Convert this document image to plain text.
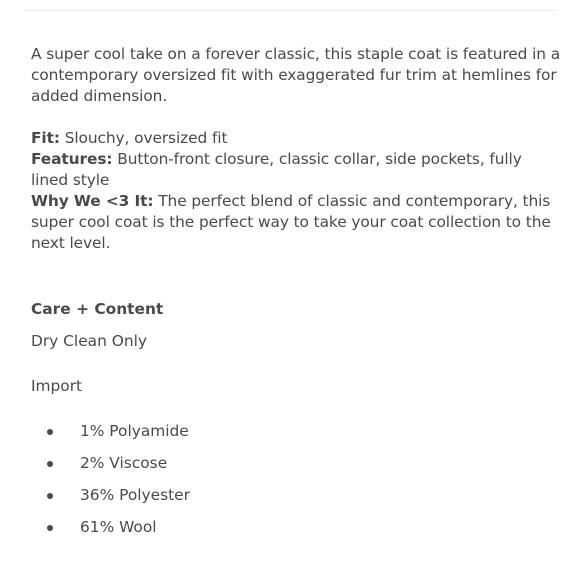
A super cool take on a forever classic, this staple coat is featured in a contemporary oversized fit with exaggerated fur trim at hemlines for added dimension.

Fit: Slouchy, oversized fit
Features: Button-front closure, classic collar, side pockets, fully lined style
Why We <3 It: The perfect blend of classic and contemporary, this super cool coat is the perfect way to take your coat collection to the next level.
Care + Content
Dry Clean Only
Import
1% Polyamide
2% Viscose
36% Polyester
61% Wool
